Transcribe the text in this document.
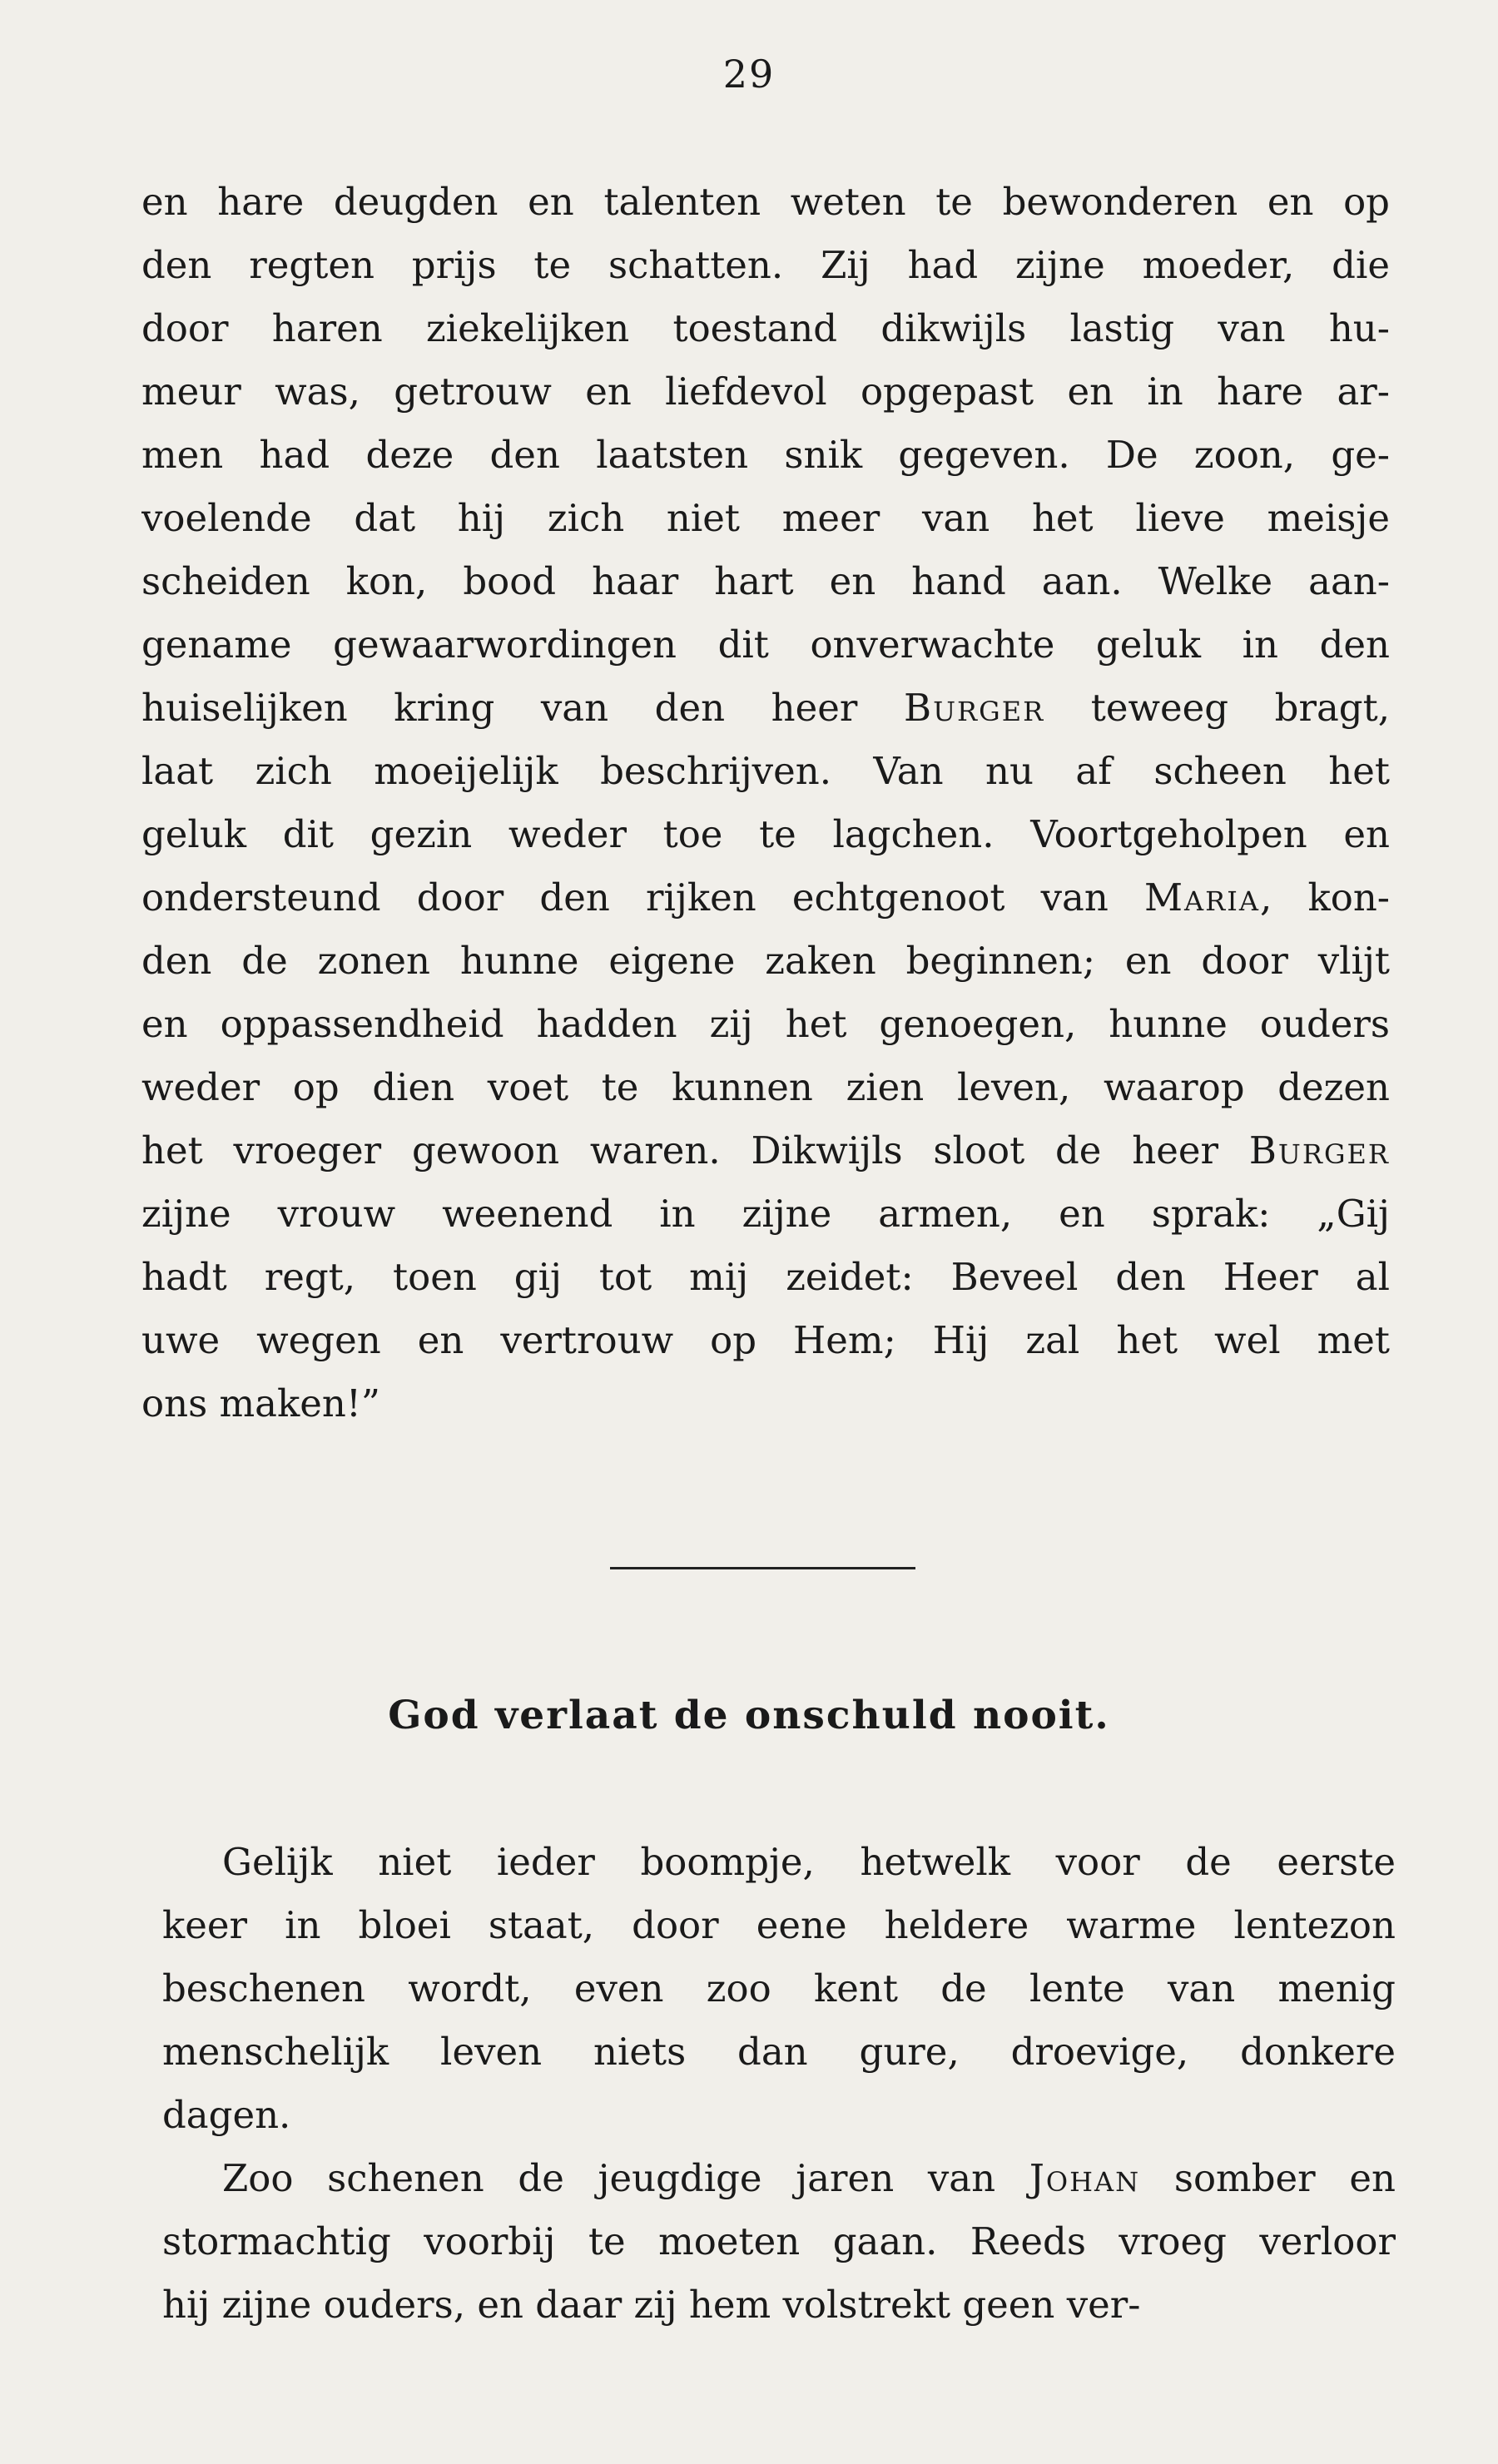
29
en hare deugden en talenten weten te bewonderen en op
den regten prijs te schatten. Zij had zijne moeder, die
door haren ziekelijken toestand dikwijls lastig van hu-
meur was, getrouw en liefdevol opgepast en in hare ar-
men had deze den laatsten snik gegeven. De zoon, ge-
voelende dat hij zich niet meer van het lieve meisje
scheiden kon, bood haar hart en hand aan. Welke aan-
gename gewaarwordingen dit onverwachte geluk in den
huiselijken kring van den heer Burger teweeg bragt,
laat zich moeijelijk beschrijven. Van nu af scheen het
geluk dit gezin weder toe te lagchen. Voortgeholpen en
ondersteund door den rijken echtgenoot van Maria, kon-
den de zonen hunne eigene zaken beginnen; en door vlijt
en oppassendheid hadden zij het genoegen, hunne ouders
weder op dien voet te kunnen zien leven, waarop dezen
het vroeger gewoon waren. Dikwijls sloot de heer Burger
zijne vrouw weenend in zijne armen, en sprak: „Gij
hadt regt, toen gij tot mij zeidet: Beveel den Heer al
uwe wegen en vertrouw op Hem; Hij zal het wel met
ons maken!”
God verlaat de onschuld nooit.
Gelijk niet ieder boompje, hetwelk voor de eerste
keer in bloei staat, door eene heldere warme lentezon
beschenen wordt, even zoo kent de lente van menig
menschelijk leven niets dan gure, droevige, donkere
dagen.
Zoo schenen de jeugdige jaren van Johan somber en
stormachtig voorbij te moeten gaan. Reeds vroeg verloor
hij zijne ouders, en daar zij hem volstrekt geen ver-
